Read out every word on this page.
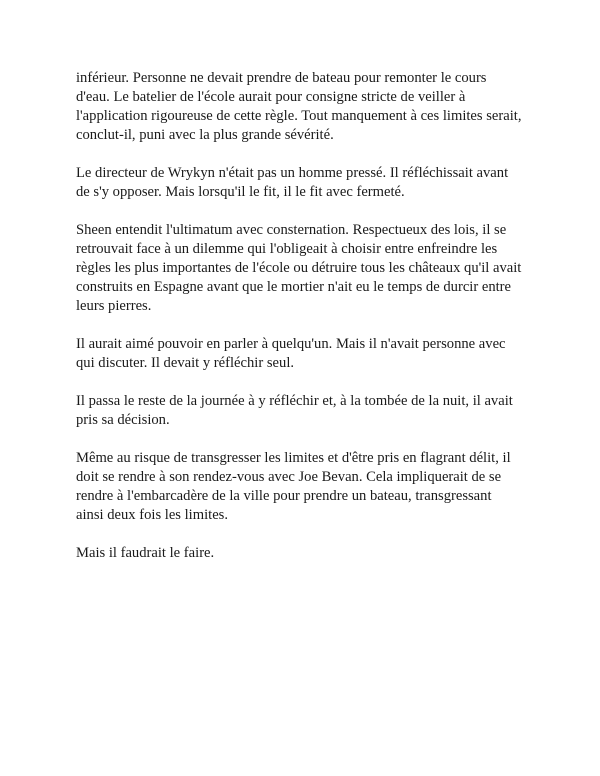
inférieur. Personne ne devait prendre de bateau pour remonter le cours
d'eau. Le batelier de l'école aurait pour consigne stricte de veiller à
l'application rigoureuse de cette règle. Tout manquement à ces limites serait,
conclut-il, puni avec la plus grande sévérité.

Le directeur de Wrykyn n'était pas un homme pressé. Il réfléchissait avant
de s'y opposer. Mais lorsqu'il le fit, il le fit avec fermeté.

Sheen entendit l'ultimatum avec consternation. Respectueux des lois, il se
retrouvait face à un dilemme qui l'obligeait à choisir entre enfreindre les
règles les plus importantes de l'école ou détruire tous les châteaux qu'il avait
construits en Espagne avant que le mortier n'ait eu le temps de durcir entre
leurs pierres.

Il aurait aimé pouvoir en parler à quelqu'un. Mais il n'avait personne avec
qui discuter. Il devait y réfléchir seul.

Il passa le reste de la journée à y réfléchir et, à la tombée de la nuit, il avait
pris sa décision.

Même au risque de transgresser les limites et d'être pris en flagrant délit, il
doit se rendre à son rendez-vous avec Joe Bevan. Cela impliquerait de se
rendre à l'embarcadère de la ville pour prendre un bateau, transgressant
ainsi deux fois les limites.

Mais il faudrait le faire.
